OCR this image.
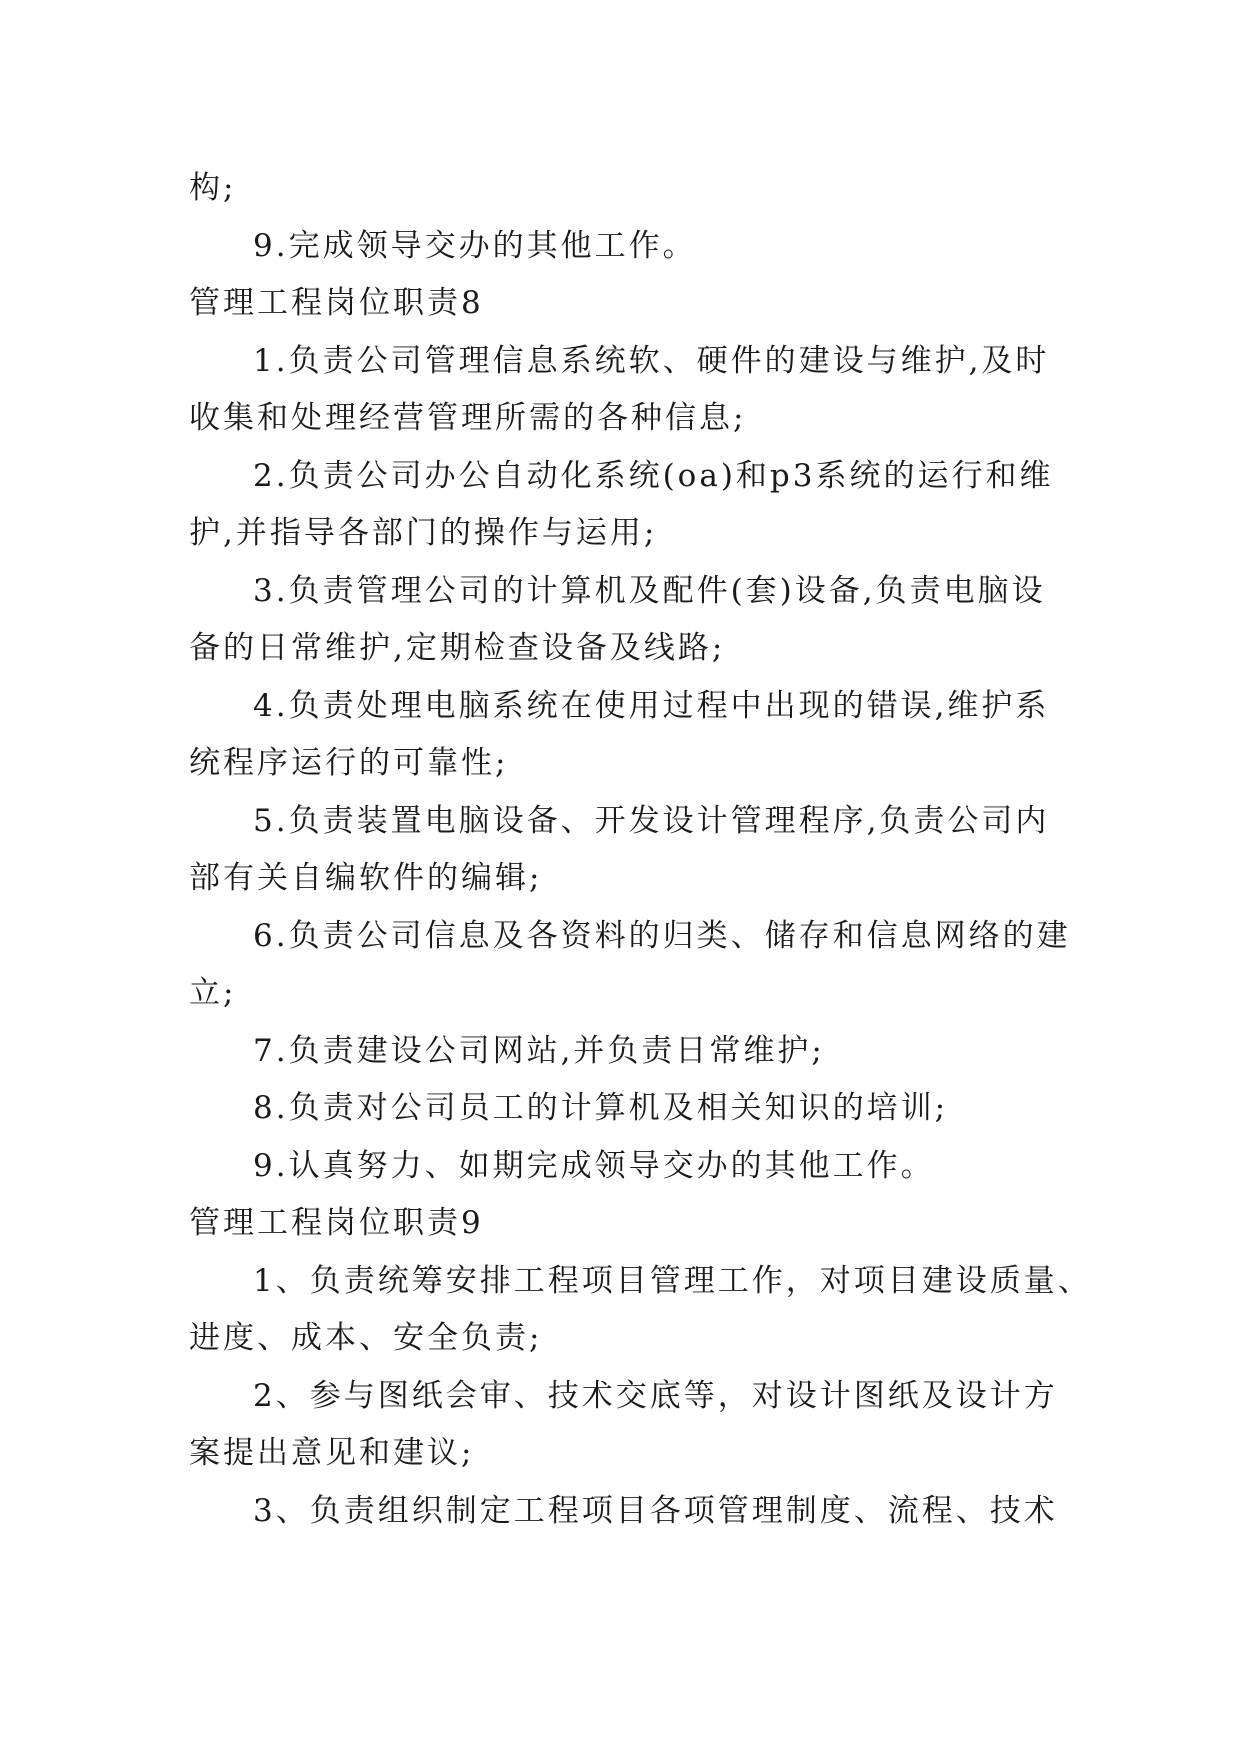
构;
9.完成领导交办的其他工作。
管理工程岗位职责8
1.负责公司管理信息系统软、硬件的建设与维护,及时
收集和处理经营管理所需的各种信息;
2.负责公司办公自动化系统(oa)和p3系统的运行和维
护,并指导各部门的操作与运用;
3.负责管理公司的计算机及配件(套)设备,负责电脑设
备的日常维护,定期检查设备及线路;
4.负责处理电脑系统在使用过程中出现的错误,维护系
统程序运行的可靠性;
5.负责装置电脑设备、开发设计管理程序,负责公司内
部有关自编软件的编辑;
6.负责公司信息及各资料的归类、储存和信息网络的建
立;
7.负责建设公司网站,并负责日常维护;
8.负责对公司员工的计算机及相关知识的培训;
9.认真努力、如期完成领导交办的其他工作。
管理工程岗位职责9
1、负责统筹安排工程项目管理工作，对项目建设质量、
进度、成本、安全负责;
2、参与图纸会审、技术交底等，对设计图纸及设计方
案提出意见和建议;
3、负责组织制定工程项目各项管理制度、流程、技术
